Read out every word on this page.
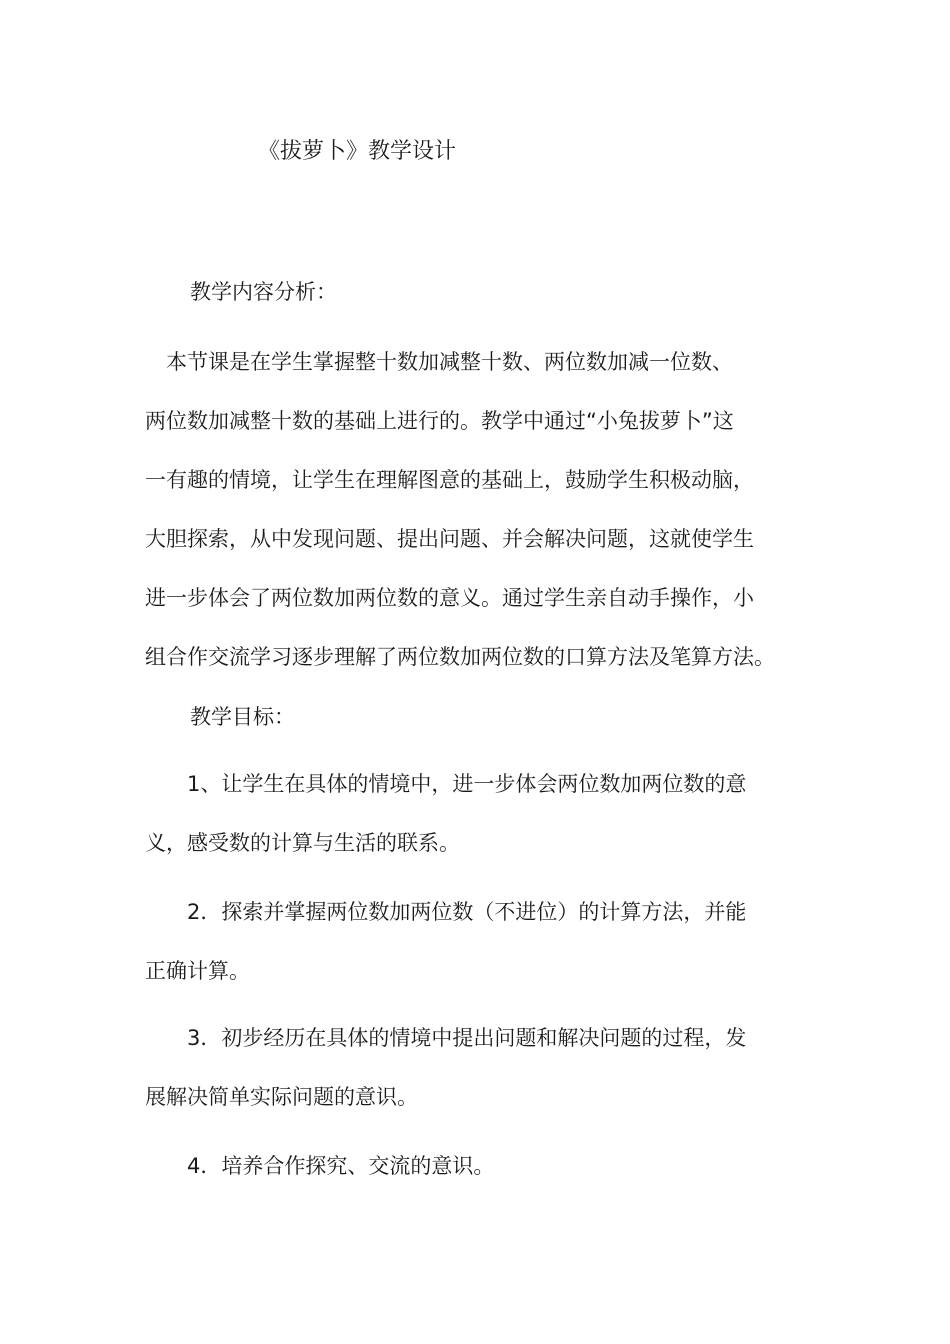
《拔萝卜》教学设计
教学内容分析：
　本节课是在学生掌握整十数加减整十数、两位数加减一位数、
两位数加减整十数的基础上进行的。教学中通过“小兔拔萝卜”这
一有趣的情境，让学生在理解图意的基础上，鼓励学生积极动脑，
大胆探索，从中发现问题、提出问题、并会解决问题，这就使学生
进一步体会了两位数加两位数的意义。通过学生亲自动手操作，小
组合作交流学习逐步理解了两位数加两位数的口算方法及笔算方法。
教学目标：
　　1、让学生在具体的情境中，进一步体会两位数加两位数的意
义，感受数的计算与生活的联系。
　　2．探索并掌握两位数加两位数（不进位）的计算方法，并能
正确计算。
　　3．初步经历在具体的情境中提出问题和解决问题的过程，发
展解决简单实际问题的意识。
　　4．培养合作探究、交流的意识。
